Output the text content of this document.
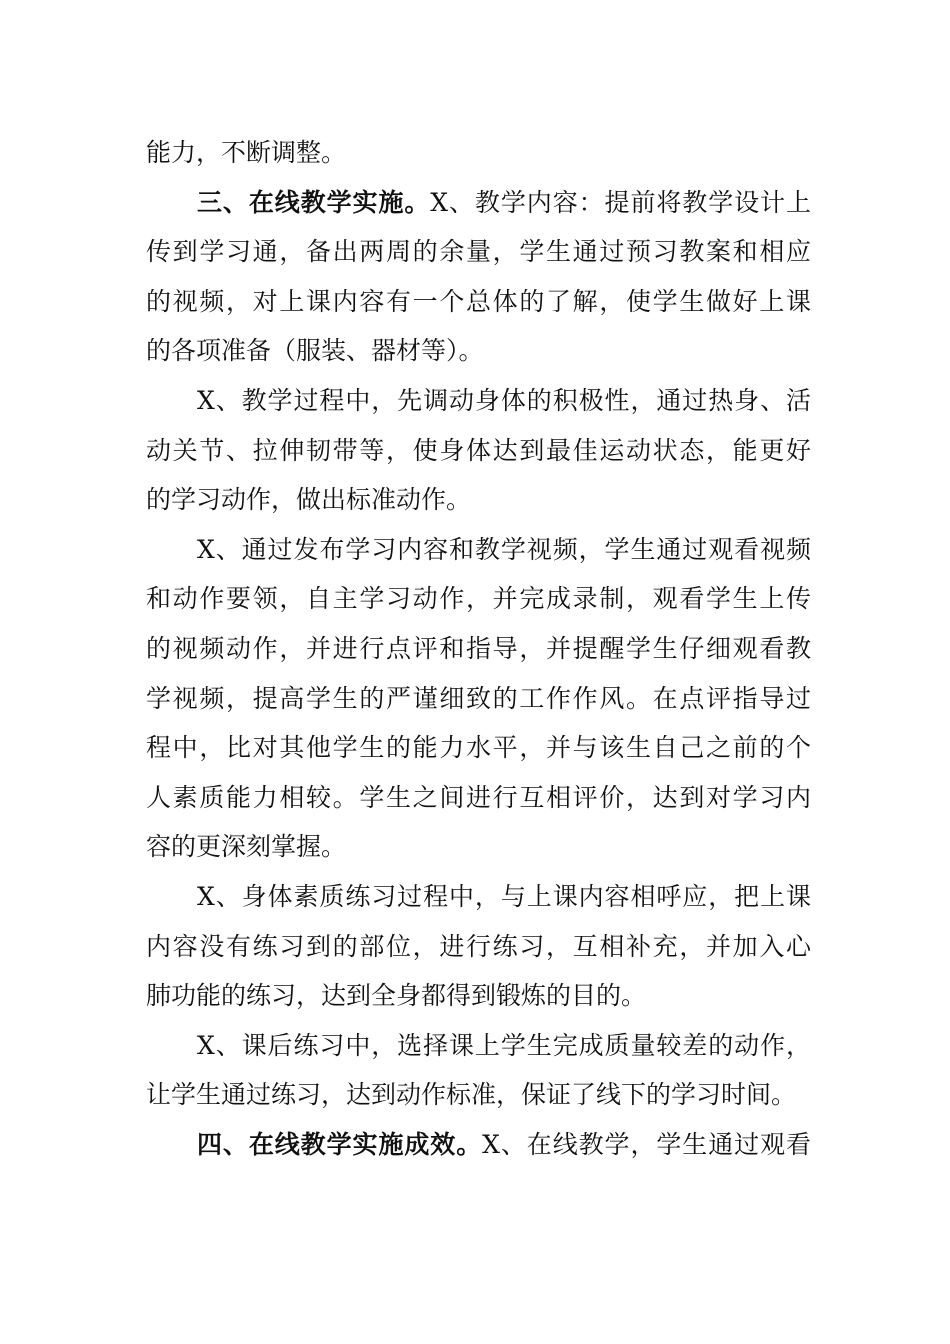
能力，不断调整。
三、在线教学实施。X、教学内容：提前将教学设计上
传到学习通，备出两周的余量，学生通过预习教案和相应
的视频，对上课内容有一个总体的了解，使学生做好上课
的各项准备（服装、器材等）。
X、教学过程中，先调动身体的积极性，通过热身、活
动关节、拉伸韧带等，使身体达到最佳运动状态，能更好
的学习动作，做出标准动作。
X、通过发布学习内容和教学视频，学生通过观看视频
和动作要领，自主学习动作，并完成录制，观看学生上传
的视频动作，并进行点评和指导，并提醒学生仔细观看教
学视频，提高学生的严谨细致的工作作风。在点评指导过
程中，比对其他学生的能力水平，并与该生自己之前的个
人素质能力相较。学生之间进行互相评价，达到对学习内
容的更深刻掌握。
X、身体素质练习过程中，与上课内容相呼应，把上课
内容没有练习到的部位，进行练习，互相补充，并加入心
肺功能的练习，达到全身都得到锻炼的目的。
X、课后练习中，选择课上学生完成质量较差的动作，
让学生通过练习，达到动作标准，保证了线下的学习时间。
四、在线教学实施成效。X、在线教学，学生通过观看
